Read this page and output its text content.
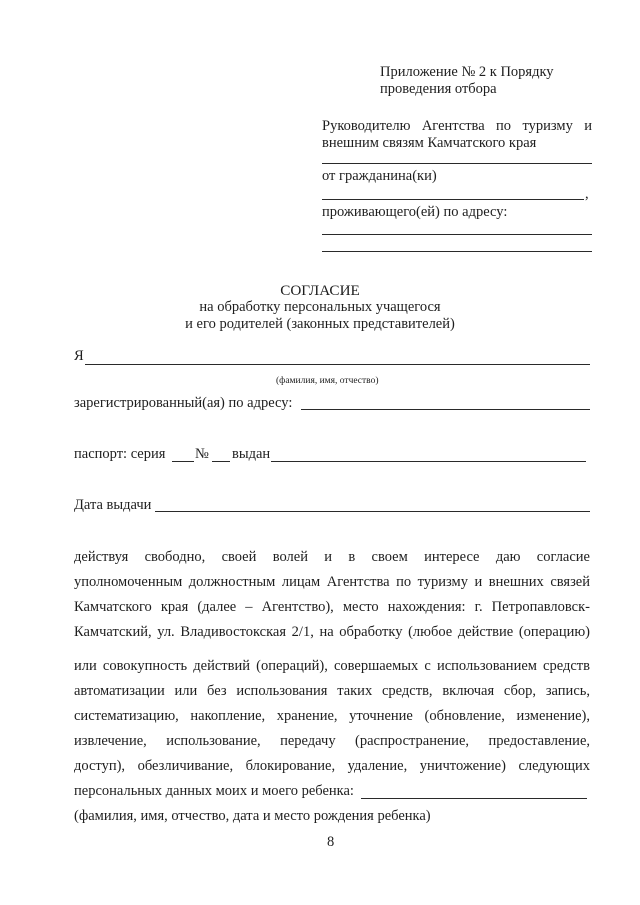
Приложение № 2 к Порядку
проведения отбора
Руководителю Агентства по туризму и
внешним связям Камчатского края
от гражданина(ки)
,
проживающего(ей) по адресу:
СОГЛАСИЕ
на обработку персональных учащегося
и его родителей (законных представителей)
Я
(фамилия, имя, отчество)
зарегистрированный(ая) по адресу:
паспорт: серия № выдан
Дата выдачи
действуя свободно, своей волей и в своем интересе даю согласие
уполномоченным должностным лицам Агентства по туризму и внешних связей
Камчатского края (далее – Агентство), место нахождения: г. Петропавловск-
Камчатский, ул. Владивостокская 2/1, на обработку (любое действие (операцию)
или совокупность действий (операций), совершаемых с использованием средств
автоматизации или без использования таких средств, включая сбор, запись,
систематизацию, накопление, хранение, уточнение (обновление, изменение),
извлечение, использование, передачу (распространение, предоставление,
доступ), обезличивание, блокирование, удаление, уничтожение) следующих
персональных данных моих и моего ребенка:
(фамилия, имя, отчество, дата и место рождения ребенка)
8
